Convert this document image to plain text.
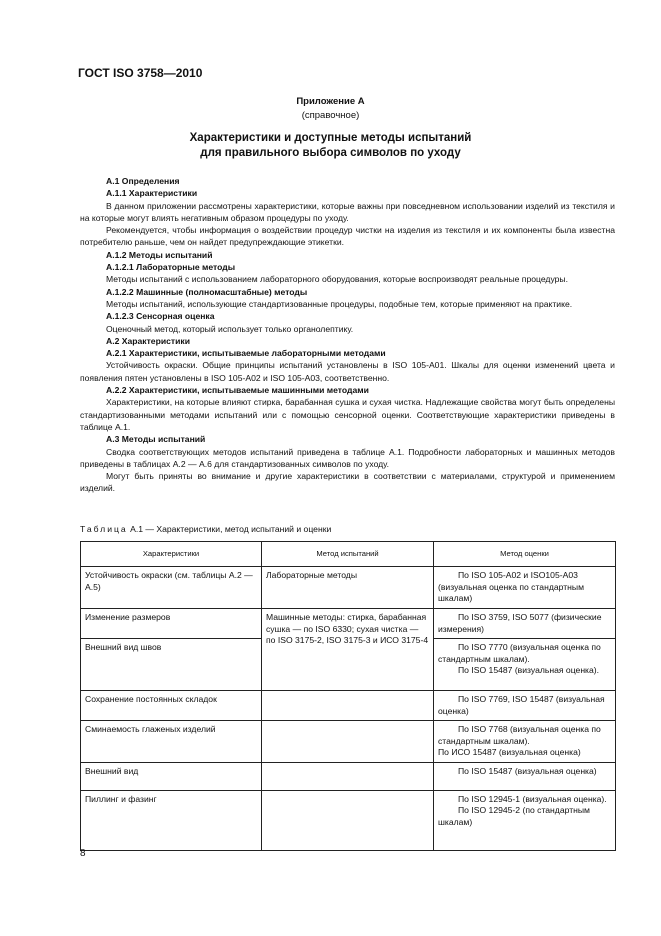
ГОСТ ISO 3758—2010
Приложение А
(справочное)
Характеристики и доступные методы испытаний
для правильного выбора символов по уходу

А.1 Определения

А.1.1 Характеристики

В данном приложении рассмотрены характеристики, которые важны при повседневном использовании изделий из текстиля и на которые могут влиять негативным образом процедуры по уходу.

Рекомендуется, чтобы информация о воздействии процедур чистки на изделия из текстиля и их компоненты была известна потребителю раньше, чем он найдет предупреждающие этикетки.

А.1.2 Методы испытаний

А.1.2.1 Лабораторные методы

Методы испытаний с использованием лабораторного оборудования, которые воспроизводят реальные процедуры.

А.1.2.2 Машинные (полномасштабные) методы

Методы испытаний, использующие стандартизованные процедуры, подобные тем, которые применяют на практике.

А.1.2.3 Сенсорная оценка

Оценочный метод, который использует только органолептику.

А.2 Характеристики

А.2.1 Характеристики, испытываемые лабораторными методами

Устойчивость окраски. Общие принципы испытаний установлены в ISO 105-A01. Шкалы для оценки изменений цвета и появления пятен установлены в ISO 105-A02 и ISO 105-A03, соответственно.

А.2.2 Характеристики, испытываемые машинными методами

Характеристики, на которые влияют стирка, барабанная сушка и сухая чистка. Надлежащие свойства могут быть определены стандартизованными методами испытаний или с помощью сенсорной оценки. Соответствующие характеристики приведены в таблице А.1.

А.3 Методы испытаний

Сводка соответствующих методов испытаний приведена в таблице А.1. Подробности лабораторных и машинных методов приведены в таблицах А.2 — А.6 для стандартизованных символов по уходу.

Могут быть приняты во внимание и другие характеристики в соответствии с материалами, структурой и применением изделий.

Таблица А.1 — Характеристики, метод испытаний и оценки
Характеристики	Метод испытаний	Метод оценки
Устойчивость окраски (см. таблицы А.2 — А.5)	Лабораторные методы	По ISO 105-A02 и ISO105-A03 (визуальная оценка по стандартным шкалам)

Изменение размеров	Машинные методы: стирка, барабанная сушка — по ISO 6330; сухая чистка — по ISO 3175-2, ISO 3175-3 и ИСО 3175-4	По ISO 3759, ISO 5077 (физические измерения)

Внешний вид швов		По ISO 7770 (визуальная оценка по стандартным шкалам).
По ISO 15487 (визуальная оценка).

Сохранение постоянных складок		По ISO 7769, ISO 15487 (визуальная оценка)

Сминаемость глаженых изделий		По ISO 7768 (визуальная оценка по стандартным шкалам).
По ИСО 15487 (визуальная оценка)

Внешний вид		По ISO 15487 (визуальная оценка)

Пиллинг и фазинг		По ISO 12945-1 (визуальная оценка).
По ISO 12945-2 (по стандартным шкалам)
8
